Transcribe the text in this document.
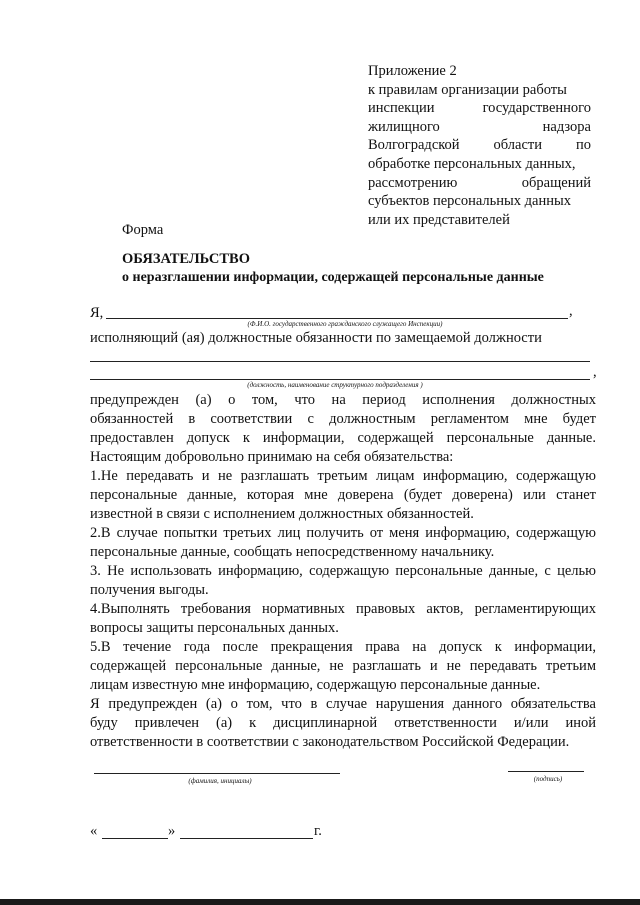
Приложение 2
к правилам организации работы
инспекции государственного
жилищного надзора
Волгоградской области по
обработке персональных данных,
рассмотрению обращений
субъектов персональных данных
или их представителей
Форма
ОБЯЗАТЕЛЬСТВО
о неразглашении информации, содержащей персональные данные
Я,	,
(Ф.И.О. государственного гражданского служащего Инспекции)
исполняющий (ая) должностные обязанности по замещаемой должности
,
(должность, наименование структурного подразделения )

предупрежден (а) о том, что на период исполнения должностных

обязанностей в соответствии с должностным регламентом мне будет

предоставлен допуск к информации, содержащей персональные данные.

Настоящим добровольно принимаю на себя обязательства:

1.Не передавать и не разглашать третьим лицам информацию, содержащую

персональные данные, которая мне доверена (будет доверена) или станет

известной в связи с исполнением должностных обязанностей.

2.В случае попытки третьих лиц получить от меня информацию, содержащую

персональные данные, сообщать непосредственному начальнику.

3. Не использовать информацию, содержащую персональные данные, с целью

получения выгоды.

4.Выполнять требования нормативных правовых актов, регламентирующих

вопросы защиты персональных данных.

5.В течение года после прекращения права на допуск к информации,

содержащей персональные данные, не разглашать и не передавать третьим

лицам известную мне информацию, содержащую персональные данные.

Я предупрежден (а) о том, что в случае нарушения данного обязательства

буду привлечен (а) к дисциплинарной ответственности и/или иной

ответственности в соответствии с законодательством Российской Федерации.

(фамилия, инициалы)	(подпись)
«	»	г.
